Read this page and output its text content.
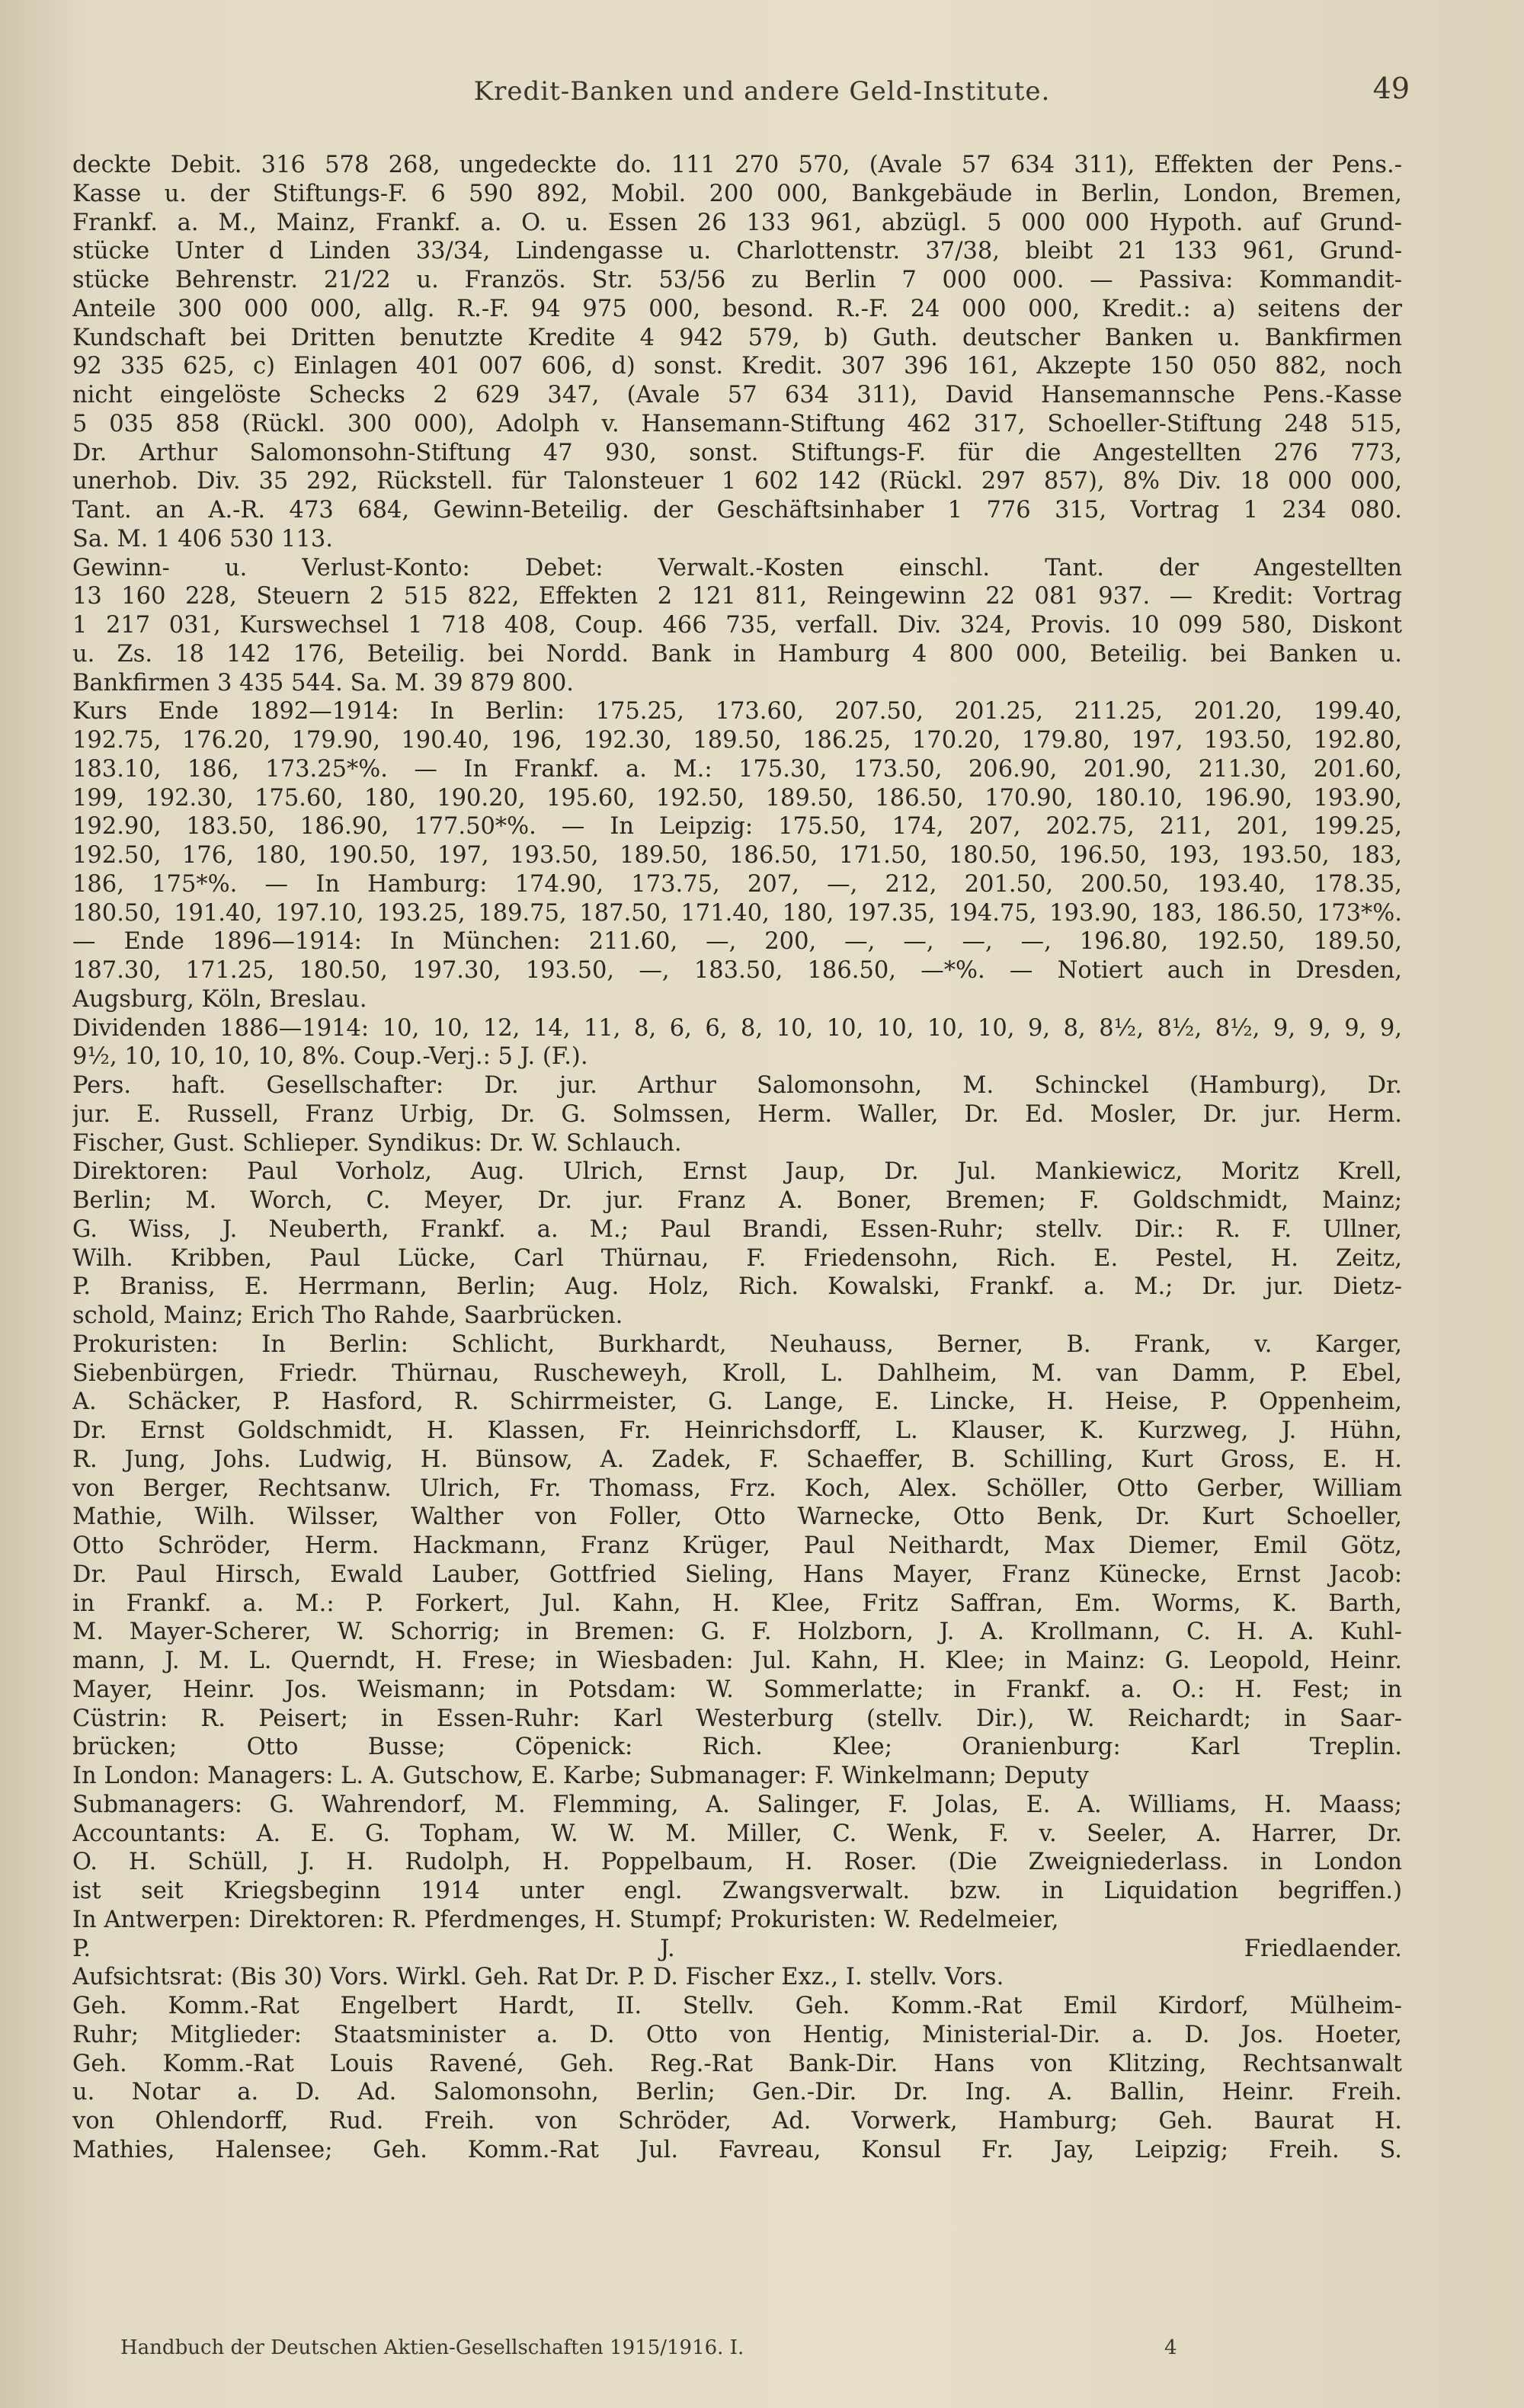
Kredit-Banken und andere Geld-Institute.	49
deckte Debit. 316 578 268, ungedeckte do. 111 270 570, (Avale 57 634 311), Effekten der Pens.-
Kasse u. der Stiftungs-F. 6 590 892, Mobil. 200 000, Bankgebäude in Berlin, London, Bremen,
Frankf. a. M., Mainz, Frankf. a. O. u. Essen 26 133 961, abzügl. 5 000 000 Hypoth. auf Grund-
stücke Unter d Linden 33/34, Lindengasse u. Charlottenstr. 37/38, bleibt 21 133 961, Grund-
stücke Behrenstr. 21/22 u. Französ. Str. 53/56 zu Berlin 7 000 000. — Passiva: Kommandit-
Anteile 300 000 000, allg. R.-F. 94 975 000, besond. R.-F. 24 000 000, Kredit.: a) seitens der
Kundschaft bei Dritten benutzte Kredite 4 942 579, b) Guth. deutscher Banken u. Bankfirmen
92 335 625, c) Einlagen 401 007 606, d) sonst. Kredit. 307 396 161, Akzepte 150 050 882, noch
nicht eingelöste Schecks 2 629 347, (Avale 57 634 311), David Hansemannsche Pens.-Kasse
5 035 858 (Rückl. 300 000), Adolph v. Hansemann-Stiftung 462 317, Schoeller-Stiftung 248 515,
Dr. Arthur Salomonsohn-Stiftung 47 930, sonst. Stiftungs-F. für die Angestellten 276 773,
unerhob. Div. 35 292, Rückstell. für Talonsteuer 1 602 142 (Rückl. 297 857), 8% Div. 18 000 000,
Tant. an A.-R. 473 684, Gewinn-Beteilig. der Geschäftsinhaber 1 776 315, Vortrag 1 234 080.
Sa. M. 1 406 530 113.
Gewinn- u. Verlust-Konto: Debet: Verwalt.-Kosten einschl. Tant. der Angestellten
13 160 228, Steuern 2 515 822, Effekten 2 121 811, Reingewinn 22 081 937. — Kredit: Vortrag
1 217 031, Kurswechsel 1 718 408, Coup. 466 735, verfall. Div. 324, Provis. 10 099 580, Diskont
u. Zs. 18 142 176, Beteilig. bei Nordd. Bank in Hamburg 4 800 000, Beteilig. bei Banken u.
Bankfirmen 3 435 544. Sa. M. 39 879 800.
Kurs Ende 1892—1914: In Berlin: 175.25, 173.60, 207.50, 201.25, 211.25, 201.20, 199.40,
192.75, 176.20, 179.90, 190.40, 196, 192.30, 189.50, 186.25, 170.20, 179.80, 197, 193.50, 192.80,
183.10, 186, 173.25*%. — In Frankf. a. M.: 175.30, 173.50, 206.90, 201.90, 211.30, 201.60,
199, 192.30, 175.60, 180, 190.20, 195.60, 192.50, 189.50, 186.50, 170.90, 180.10, 196.90, 193.90,
192.90, 183.50, 186.90, 177.50*%. — In Leipzig: 175.50, 174, 207, 202.75, 211, 201, 199.25,
192.50, 176, 180, 190.50, 197, 193.50, 189.50, 186.50, 171.50, 180.50, 196.50, 193, 193.50, 183,
186, 175*%. — In Hamburg: 174.90, 173.75, 207, —, 212, 201.50, 200.50, 193.40, 178.35,
180.50, 191.40, 197.10, 193.25, 189.75, 187.50, 171.40, 180, 197.35, 194.75, 193.90, 183, 186.50, 173*%.
— Ende 1896—1914: In München: 211.60, —, 200, —, —, —, —, 196.80, 192.50, 189.50,
187.30, 171.25, 180.50, 197.30, 193.50, —, 183.50, 186.50, —*%. — Notiert auch in Dresden,
Augsburg, Köln, Breslau.
Dividenden 1886—1914: 10, 10, 12, 14, 11, 8, 6, 6, 8, 10, 10, 10, 10, 10, 9, 8, 8½, 8½, 8½, 9, 9, 9, 9,
9½, 10, 10, 10, 10, 8%. Coup.-Verj.: 5 J. (F.).
Pers. haft. Gesellschafter: Dr. jur. Arthur Salomonsohn, M. Schinckel (Hamburg), Dr.
jur. E. Russell, Franz Urbig, Dr. G. Solmssen, Herm. Waller, Dr. Ed. Mosler, Dr. jur. Herm.
Fischer, Gust. Schlieper. Syndikus: Dr. W. Schlauch.
Direktoren: Paul Vorholz, Aug. Ulrich, Ernst Jaup, Dr. Jul. Mankiewicz, Moritz Krell,
Berlin; M. Worch, C. Meyer, Dr. jur. Franz A. Boner, Bremen; F. Goldschmidt, Mainz;
G. Wiss, J. Neuberth, Frankf. a. M.; Paul Brandi, Essen-Ruhr; stellv. Dir.: R. F. Ullner,
Wilh. Kribben, Paul Lücke, Carl Thürnau, F. Friedensohn, Rich. E. Pestel, H. Zeitz,
P. Braniss, E. Herrmann, Berlin; Aug. Holz, Rich. Kowalski, Frankf. a. M.; Dr. jur. Dietz-
schold, Mainz; Erich Tho Rahde, Saarbrücken.
Prokuristen: In Berlin: Schlicht, Burkhardt, Neuhauss, Berner, B. Frank, v. Karger,
Siebenbürgen, Friedr. Thürnau, Ruscheweyh, Kroll, L. Dahlheim, M. van Damm, P. Ebel,
A. Schäcker, P. Hasford, R. Schirrmeister, G. Lange, E. Lincke, H. Heise, P. Oppenheim,
Dr. Ernst Goldschmidt, H. Klassen, Fr. Heinrichsdorff, L. Klauser, K. Kurzweg, J. Hühn,
R. Jung, Johs. Ludwig, H. Bünsow, A. Zadek, F. Schaeffer, B. Schilling, Kurt Gross, E. H.
von Berger, Rechtsanw. Ulrich, Fr. Thomass, Frz. Koch, Alex. Schöller, Otto Gerber, William
Mathie, Wilh. Wilsser, Walther von Foller, Otto Warnecke, Otto Benk, Dr. Kurt Schoeller,
Otto Schröder, Herm. Hackmann, Franz Krüger, Paul Neithardt, Max Diemer, Emil Götz,
Dr. Paul Hirsch, Ewald Lauber, Gottfried Sieling, Hans Mayer, Franz Künecke, Ernst Jacob:
in Frankf. a. M.: P. Forkert, Jul. Kahn, H. Klee, Fritz Saffran, Em. Worms, K. Barth,
M. Mayer-Scherer, W. Schorrig; in Bremen: G. F. Holzborn, J. A. Krollmann, C. H. A. Kuhl-
mann, J. M. L. Querndt, H. Frese; in Wiesbaden: Jul. Kahn, H. Klee; in Mainz: G. Leopold, Heinr.
Mayer, Heinr. Jos. Weismann; in Potsdam: W. Sommerlatte; in Frankf. a. O.: H. Fest; in
Cüstrin: R. Peisert; in Essen-Ruhr: Karl Westerburg (stellv. Dir.), W. Reichardt; in Saar-
brücken; Otto Busse; Cöpenick: Rich. Klee; Oranienburg: Karl Treplin.
In London: Managers: L. A. Gutschow, E. Karbe; Submanager: F. Winkelmann; Deputy
Submanagers: G. Wahrendorf, M. Flemming, A. Salinger, F. Jolas, E. A. Williams, H. Maass;
Accountants: A. E. G. Topham, W. W. M. Miller, C. Wenk, F. v. Seeler, A. Harrer, Dr.
O. H. Schüll, J. H. Rudolph, H. Poppelbaum, H. Roser. (Die Zweigniederlass. in London
ist seit Kriegsbeginn 1914 unter engl. Zwangsverwalt. bzw. in Liquidation begriffen.)
In Antwerpen: Direktoren: R. Pferdmenges, H. Stumpf; Prokuristen: W. Redelmeier,
P. J. Friedlaender.
Aufsichtsrat: (Bis 30) Vors. Wirkl. Geh. Rat Dr. P. D. Fischer Exz., I. stellv. Vors.
Geh. Komm.-Rat Engelbert Hardt, II. Stellv. Geh. Komm.-Rat Emil Kirdorf, Mülheim-
Ruhr; Mitglieder: Staatsminister a. D. Otto von Hentig, Ministerial-Dir. a. D. Jos. Hoeter,
Geh. Komm.-Rat Louis Ravené, Geh. Reg.-Rat Bank-Dir. Hans von Klitzing, Rechtsanwalt
u. Notar a. D. Ad. Salomonsohn, Berlin; Gen.-Dir. Dr. Ing. A. Ballin, Heinr. Freih.
von Ohlendorff, Rud. Freih. von Schröder, Ad. Vorwerk, Hamburg; Geh. Baurat H.
Mathies, Halensee; Geh. Komm.-Rat Jul. Favreau, Konsul Fr. Jay, Leipzig; Freih. S.
Handbuch der Deutschen Aktien-Gesellschaften 1915/1916. I.	4
